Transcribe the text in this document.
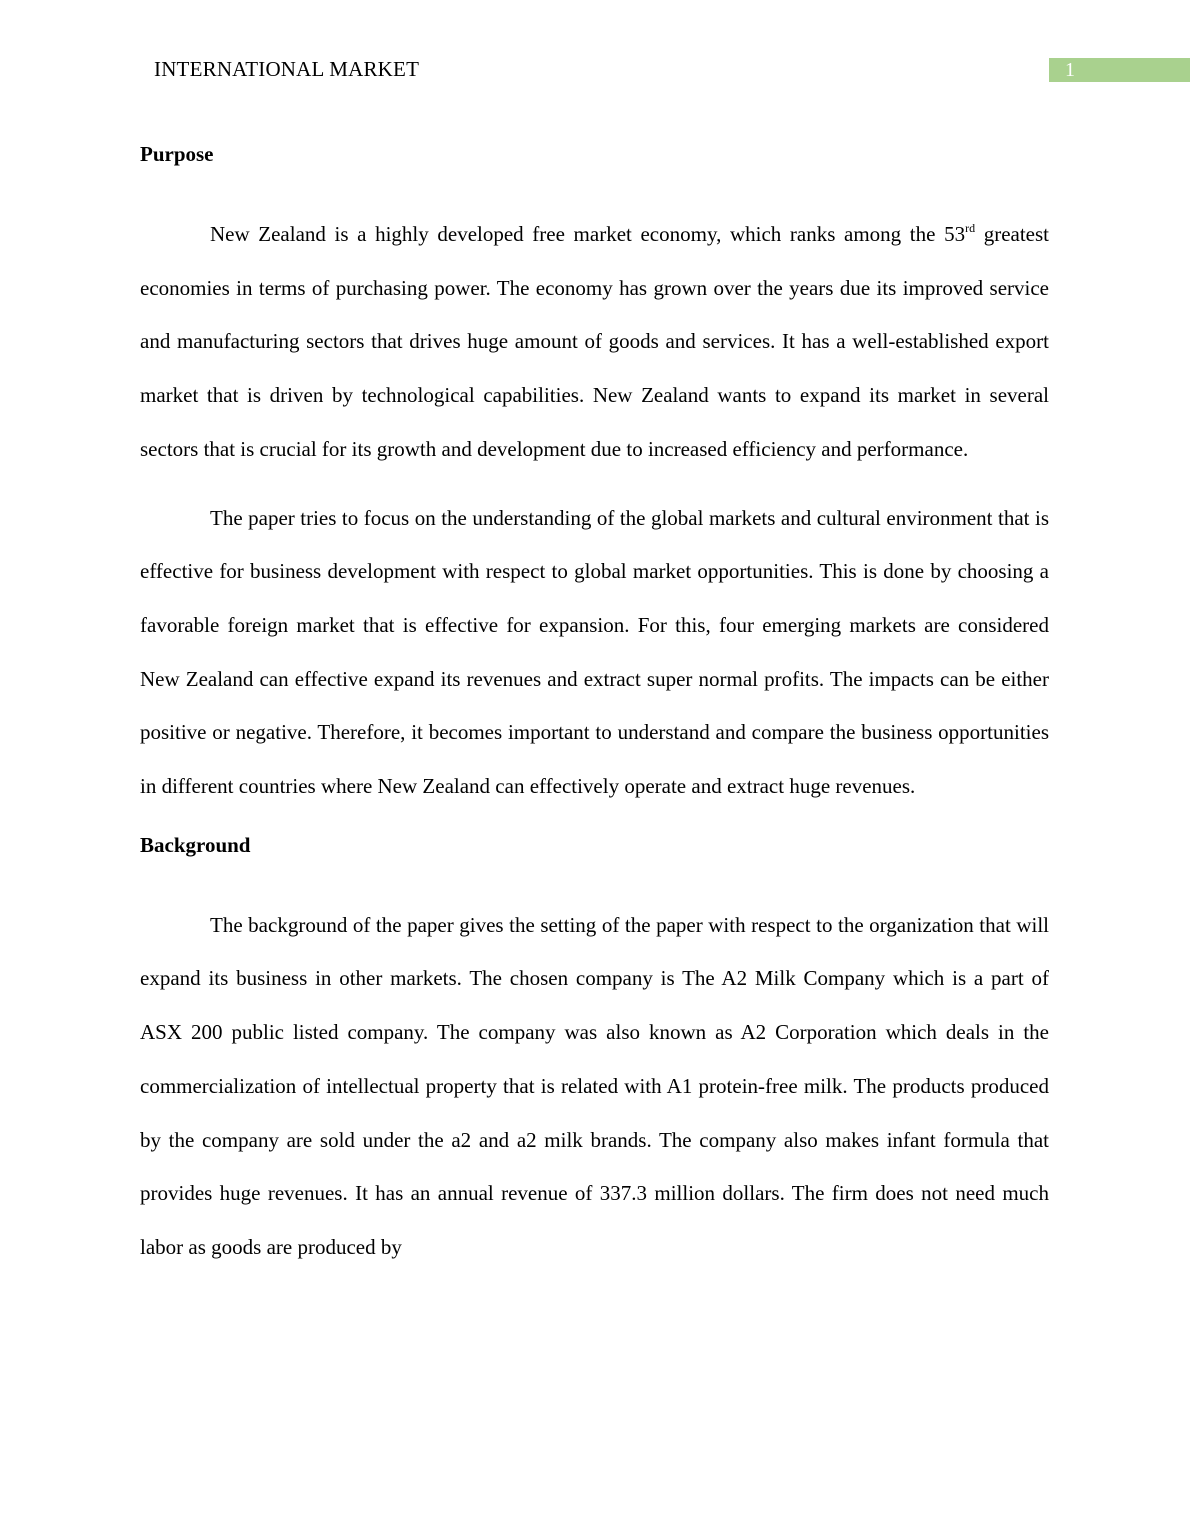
INTERNATIONAL MARKET	1
Purpose

New Zealand is a highly developed free market economy, which ranks among the 53rd greatest economies in terms of purchasing power. The economy has grown over the years due its improved service and manufacturing sectors that drives huge amount of goods and services. It has a well-established export market that is driven by technological capabilities. New Zealand wants to expand its market in several sectors that is crucial for its growth and development due to increased efficiency and performance.

The paper tries to focus on the understanding of the global markets and cultural environment that is effective for business development with respect to global market opportunities. This is done by choosing a favorable foreign market that is effective for expansion. For this, four emerging markets are considered New Zealand can effective expand its revenues and extract super normal profits. The impacts can be either positive or negative. Therefore, it becomes important to understand and compare the business opportunities in different countries where New Zealand can effectively operate and extract huge revenues.

Background

The background of the paper gives the setting of the paper with respect to the organization that will expand its business in other markets. The chosen company is The A2 Milk Company which is a part of ASX 200 public listed company. The company was also known as A2 Corporation which deals in the commercialization of intellectual property that is related with A1 protein-free milk. The products produced by the company are sold under the a2 and a2 milk brands. The company also makes infant formula that provides huge revenues. It has an annual revenue of 337.3 million dollars. The firm does not need much labor as goods are produced by
